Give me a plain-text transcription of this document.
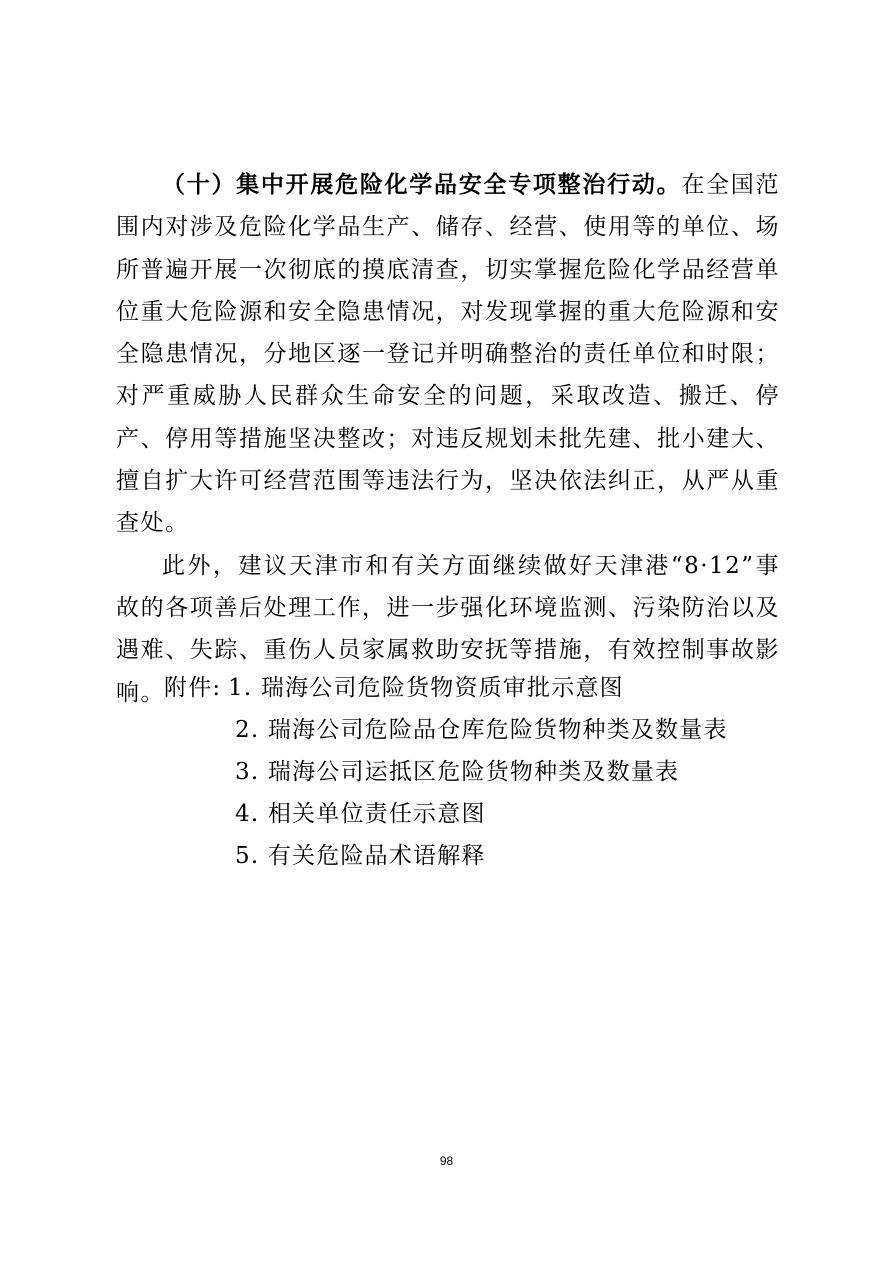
（十）集中开展危险化学品安全专项整治行动。在全国范围内对涉及危险化学品生产、储存、经营、使用等的单位、场所普遍开展一次彻底的摸底清查，切实掌握危险化学品经营单位重大危险源和安全隐患情况，对发现掌握的重大危险源和安全隐患情况，分地区逐一登记并明确整治的责任单位和时限；对严重威胁人民群众生命安全的问题，采取改造、搬迁、停产、停用等措施坚决整改；对违反规划未批先建、批小建大、擅自扩大许可经营范围等违法行为，坚决依法纠正，从严从重查处。

此外，建议天津市和有关方面继续做好天津港“8·12”事故的各项善后处理工作，进一步强化环境监测、污染防治以及遇难、失踪、重伤人员家属救助安抚等措施，有效控制事故影响。 附件: 1. 瑞海公司危险货物资质审批示意图
2. 瑞海公司危险品仓库危险货物种类及数量表
3. 瑞海公司运抵区危险货物种类及数量表
4. 相关单位责任示意图
5. 有关危险品术语解释
98
